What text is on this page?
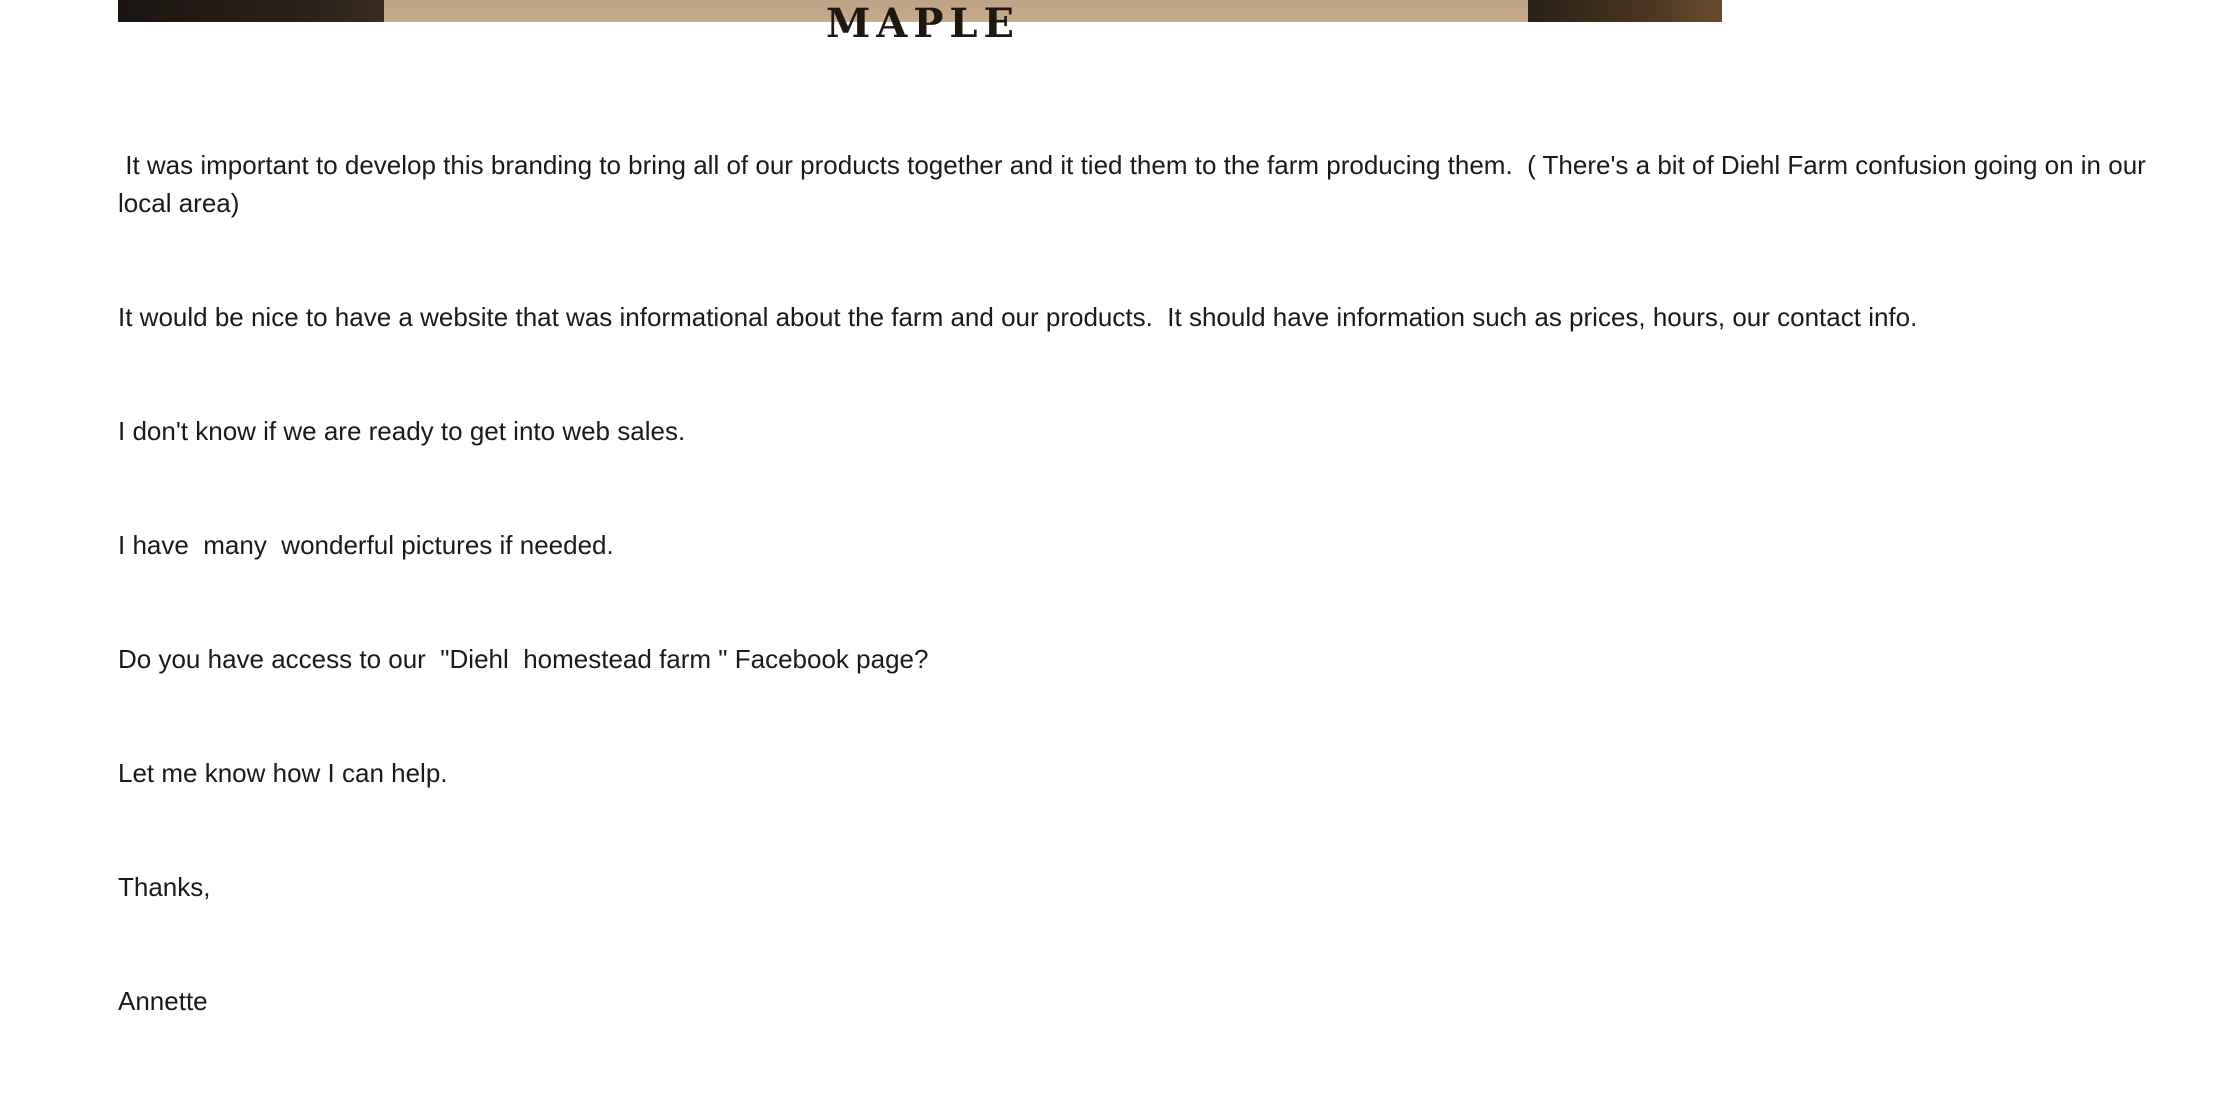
MAPLE

It was important to develop this branding to bring all of our products together and it tied them to the farm producing them.  ( There's a bit of Diehl Farm confusion going on in our local area)

It would be nice to have a website that was informational about the farm and our products.  It should have information such as prices, hours, our contact info.

I don't know if we are ready to get into web sales.

I have  many  wonderful pictures if needed.

Do you have access to our  "Diehl  homestead farm " Facebook page?

Let me know how I can help.

Thanks,

Annette
